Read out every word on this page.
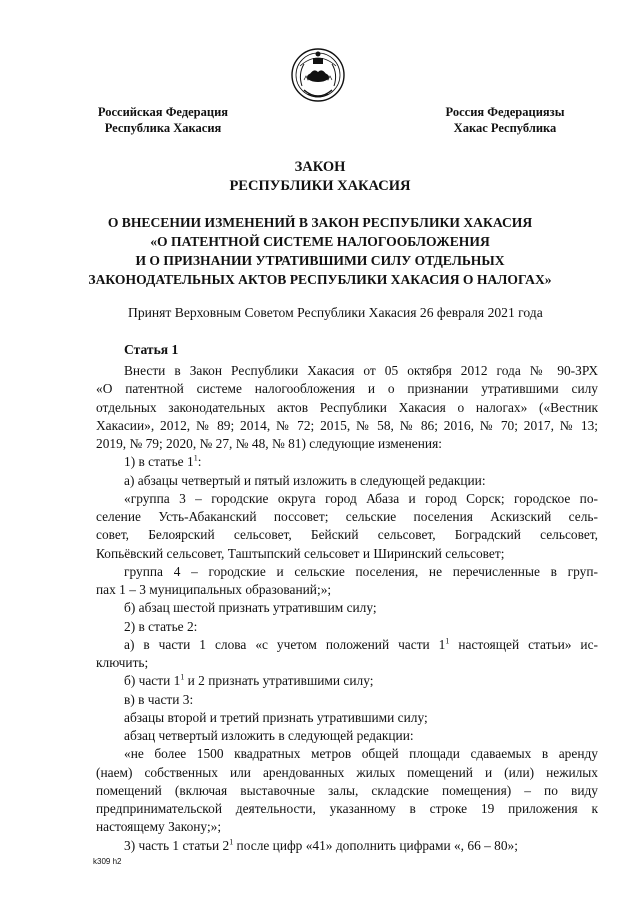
Российская Федерация
Республика Хакасия
Россия Федерациязы
Хакас Республика
ЗАКОН
РЕСПУБЛИКИ ХАКАСИЯ
О ВНЕСЕНИИ ИЗМЕНЕНИЙ В ЗАКОН РЕСПУБЛИКИ ХАКАСИЯ
«О ПАТЕНТНОЙ СИСТЕМЕ НАЛОГООБЛОЖЕНИЯ
И О ПРИЗНАНИИ УТРАТИВШИМИ СИЛУ ОТДЕЛЬНЫХ
ЗАКОНОДАТЕЛЬНЫХ АКТОВ РЕСПУБЛИКИ ХАКАСИЯ О НАЛОГАХ»
Принят Верховным Советом Республики Хакасия 26 февраля 2021 года
Статья 1
Внести в Закон Республики Хакасия от 05 октября 2012 года № 90-ЗРХ
«О патентной системе налогообложения и о признании утратившими силу
отдельных законодательных актов Республики Хакасия о налогах» («Вестник
Хакасии», 2012, № 89; 2014, № 72; 2015, № 58, № 86; 2016, № 70; 2017, № 13;
2019, № 79; 2020, № 27, № 48, № 81) следующие изменения:
1) в статье $1^1$:
а) абзацы четвертый и пятый изложить в следующей редакции:
«группа 3 – городские округа город Абаза и город Сорск; городское по-
селение Усть-Абаканский поссовет; сельские поселения Аскизский сель-
совет, Белоярский сельсовет, Бейский сельсовет, Боградский сельсовет,
Копьёвский сельсовет, Таштыпский сельсовет и Ширинский сельсовет;
группа 4 – городские и сельские поселения, не перечисленные в груп-
пах 1 – 3 муниципальных образований;»;
б) абзац шестой признать утратившим силу;
2) в статье 2:
а) в части 1 слова «с учетом положений части $1^1$ настоящей статьи» ис-
ключить;
б) части $1^1$ и 2 признать утратившими силу;
в) в части 3:
абзацы второй и третий признать утратившими силу;
абзац четвертый изложить в следующей редакции:
«не более 1500 квадратных метров общей площади сдаваемых в аренду
(наем) собственных или арендованных жилых помещений и (или) нежилых
помещений (включая выставочные залы, складские помещения) – по виду
предпринимательской деятельности, указанному в строке 19 приложения к
настоящему Закону;»;
3) часть 1 статьи $2^1$ после цифр «41» дополнить цифрами «, 66 – 80»;
k309 h2
